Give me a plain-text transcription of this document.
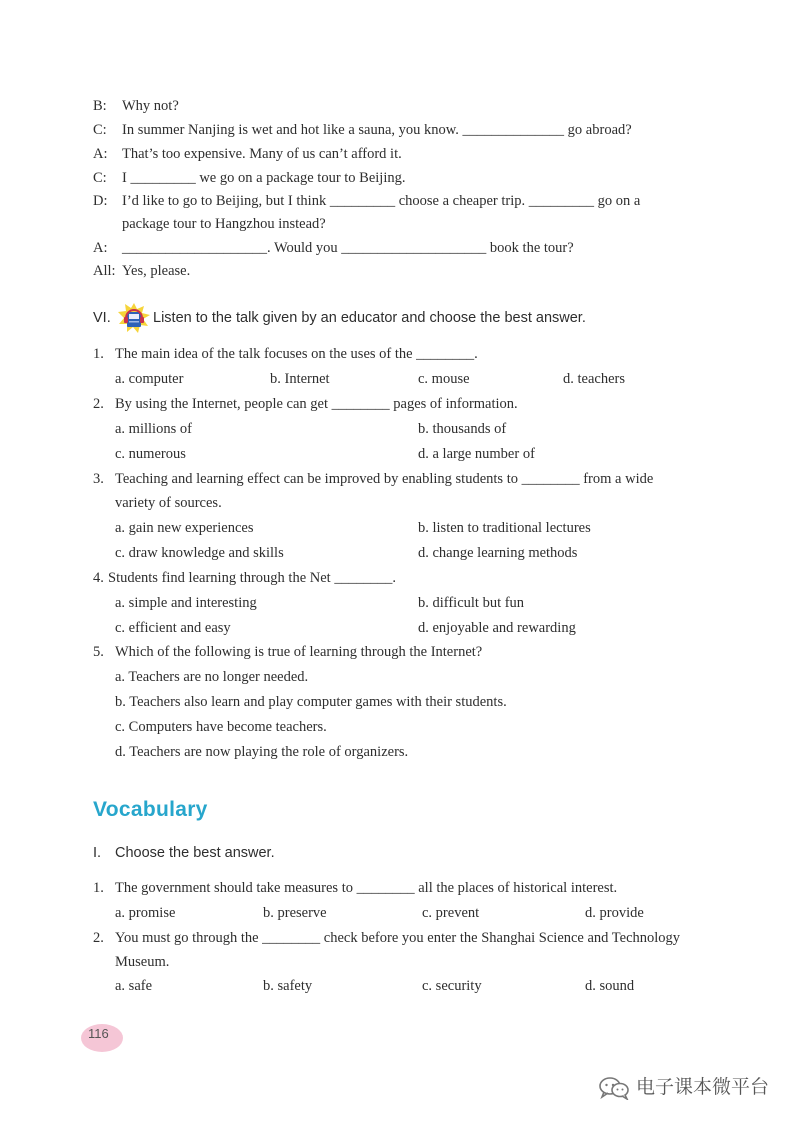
B: Why not?
C: In summer Nanjing is wet and hot like a sauna, you know. ______________ go abroad?
A: That’s too expensive. Many of us can’t afford it.
C: I _________ we go on a package tour to Beijing.
D: I’d like to go to Beijing, but I think _________ choose a cheaper trip. _________ go on a
package tour to Hangzhou instead?
A: ____________________. Would you ____________________ book the tour?
All: Yes, please.
VI.	Listen to the talk given by an educator and choose the best answer.
1. The main idea of the talk focuses on the uses of the ________.
a. computer	b. Internet	c. mouse	d. teachers
2. By using the Internet, people can get ________ pages of information.
a. millions of	b. thousands of
c. numerous	d. a large number of
3. Teaching and learning effect can be improved by enabling students to ________ from a wide
variety of sources.
a. gain new experiences	b. listen to traditional lectures
c. draw knowledge and skills	d. change learning methods
4. Students find learning through the Net ________.
a. simple and interesting	b. difficult but fun
c. efficient and easy	d. enjoyable and rewarding
5. Which of the following is true of learning through the Internet?
a. Teachers are no longer needed.
b. Teachers also learn and play computer games with their students.
c. Computers have become teachers.
d. Teachers are now playing the role of organizers.
Vocabulary
I. Choose the best answer.
1. The government should take measures to ________ all the places of historical interest.
a. promise	b. preserve	c. prevent	d. provide
2. You must go through the ________ check before you enter the Shanghai Science and Technology
Museum.
a. safe	b. safety	c. security	d. sound
116
电子课本微平台
